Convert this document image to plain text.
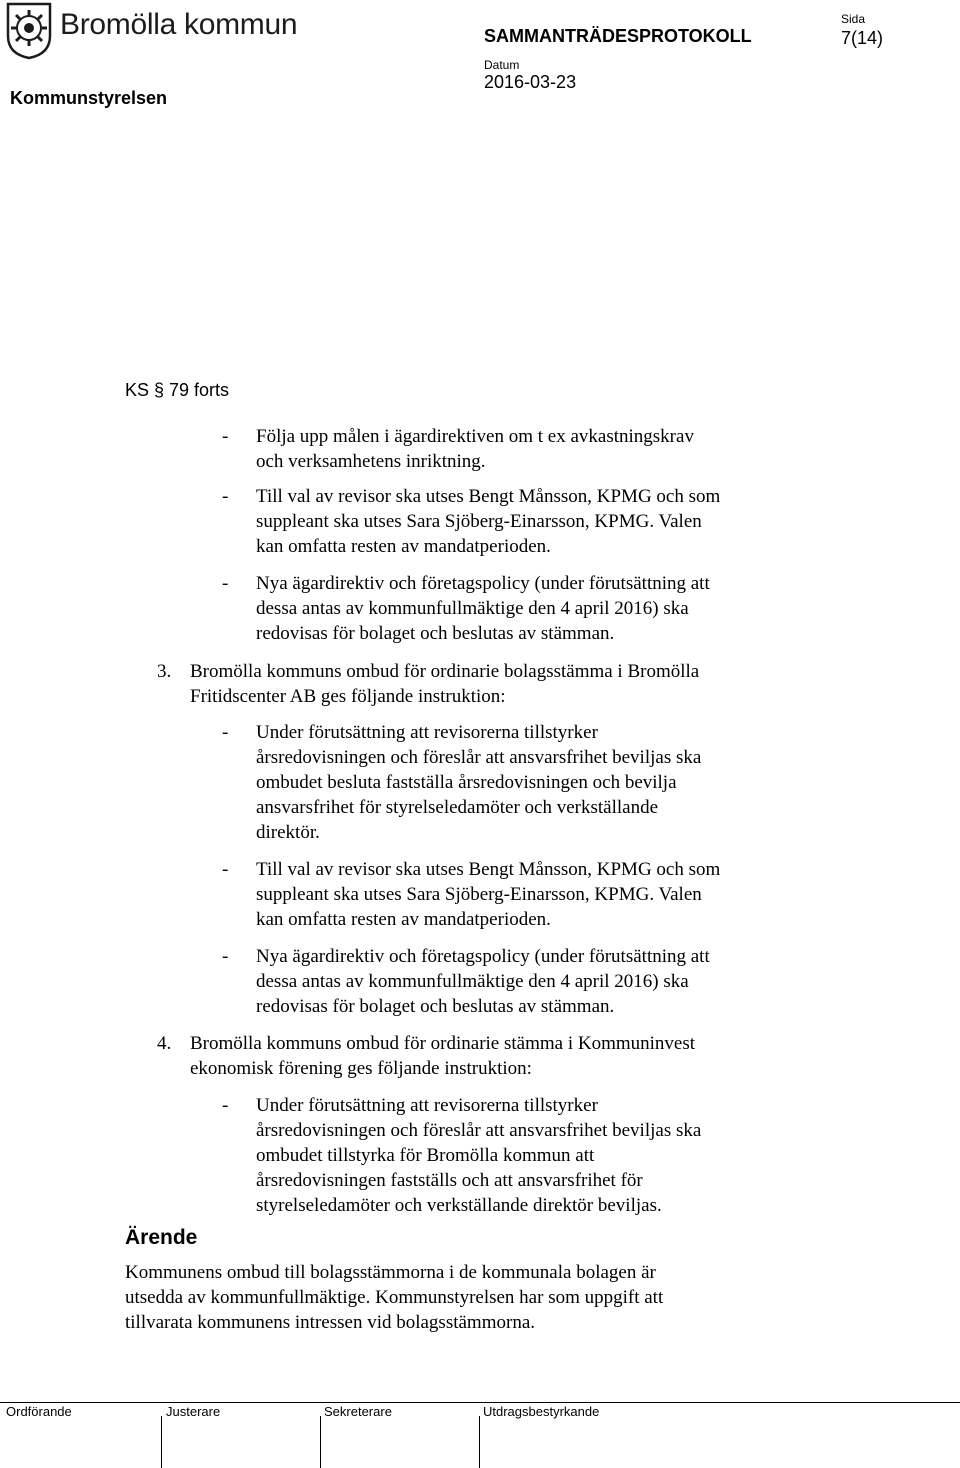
Bromölla kommun
Kommunstyrelsen
SAMMANTRÄDESPROTOKOLL
Datum
2016-03-23
Sida
7(14)
KS § 79 forts
- Följa upp målen i ägardirektiven om t ex avkastningskrav
och verksamhetens inriktning.
- Till val av revisor ska utses Bengt Månsson, KPMG och som
suppleant ska utses Sara Sjöberg-Einarsson, KPMG. Valen
kan omfatta resten av mandatperioden.
- Nya ägardirektiv och företagspolicy (under förutsättning att
dessa antas av kommunfullmäktige den 4 april 2016) ska
redovisas för bolaget och beslutas av stämman.
3. Bromölla kommuns ombud för ordinarie bolagsstämma i Bromölla
Fritidscenter AB ges följande instruktion:
- Under förutsättning att revisorerna tillstyrker
årsredovisningen och föreslår att ansvarsfrihet beviljas ska
ombudet besluta fastställa årsredovisningen och bevilja
ansvarsfrihet för styrelseledamöter och verkställande
direktör.
- Till val av revisor ska utses Bengt Månsson, KPMG och som
suppleant ska utses Sara Sjöberg-Einarsson, KPMG. Valen
kan omfatta resten av mandatperioden.
- Nya ägardirektiv och företagspolicy (under förutsättning att
dessa antas av kommunfullmäktige den 4 april 2016) ska
redovisas för bolaget och beslutas av stämman.
4. Bromölla kommuns ombud för ordinarie stämma i Kommuninvest
ekonomisk förening ges följande instruktion:
- Under förutsättning att revisorerna tillstyrker
årsredovisningen och föreslår att ansvarsfrihet beviljas ska
ombudet tillstyrka för Bromölla kommun att
årsredovisningen fastställs och att ansvarsfrihet för
styrelseledamöter och verkställande direktör beviljas.
Ärende
Kommunens ombud till bolagsstämmorna i de kommunala bolagen är
utsedda av kommunfullmäktige. Kommunstyrelsen har som uppgift att
tillvarata kommunens intressen vid bolagsstämmorna.
Ordförande	Justerare	Sekreterare	Utdragsbestyrkande
